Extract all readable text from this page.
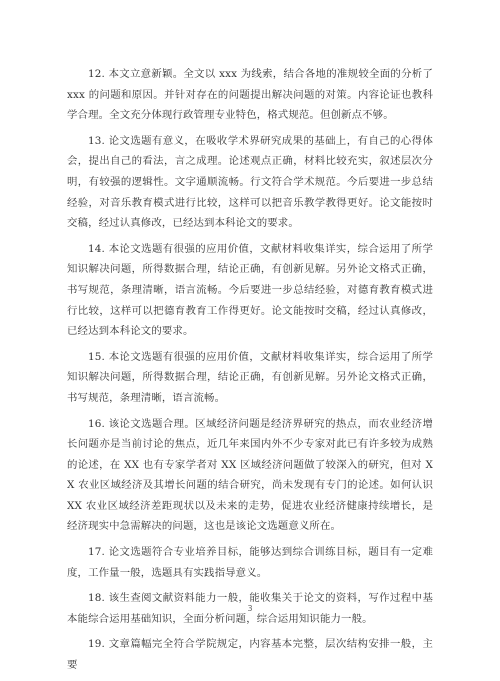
12. 本文立意新颖。全文以 xxx 为线索，结合各地的准规较全面的分析了 xxx 的问题和原因。并针对存在的问题提出解决问题的对策。内容论证也教科学合理。全文充分体现行政管理专业特色，格式规范。但创新点不够。

13. 论文选题有意义，在吸收学术界研究成果的基础上，有自己的心得体会，提出自己的看法，言之成理。论述观点正确，材料比较充实，叙述层次分明，有较强的逻辑性。文字通顺流畅。行文符合学术规范。今后要进一步总结经验，对音乐教育模式进行比较，这样可以把音乐教学教得更好。论文能按时交稿，经过认真修改，已经达到本科论文的要求。

14. 本论文选题有很强的应用价值，文献材料收集详实，综合运用了所学知识解决问题，所得数据合理，结论正确，有创新见解。另外论文格式正确，书写规范，条理清晰，语言流畅。今后要进一步总结经验，对德育教育模式进行比较，这样可以把德育教育工作得更好。论文能按时交稿，经过认真修改，已经达到本科论文的要求。

15. 本论文选题有很强的应用价值，文献材料收集详实，综合运用了所学知识解决问题，所得数据合理，结论正确，有创新见解。另外论文格式正确，书写规范，条理清晰，语言流畅。

16. 该论文选题合理。区域经济问题是经济界研究的热点，而农业经济增长问题亦是当前讨论的焦点，近几年来国内外不少专家对此已有许多较为成熟的论述，在 XX 也有专家学者对 XX 区域经济问题做了较深入的研究，但对 XX 农业区域经济及其增长问题的结合研究，尚未发现有专门的论述。如何认识 XX 农业区域经济差距现状以及未来的走势，促进农业经济健康持续增长，是经济现实中急需解决的问题，这也是该论文选题意义所在。

17. 论文选题符合专业培养目标，能够达到综合训练目标，题目有一定难度，工作量一般，选题具有实践指导意义。

18. 该生查阅文献资料能力一般，能收集关于论文的资料，写作过程中基本能综合运用基础知识，全面分析问题，综合运用知识能力一般。

19. 文章篇幅完全符合学院规定，内容基本完整，层次结构安排一般，主要

3
